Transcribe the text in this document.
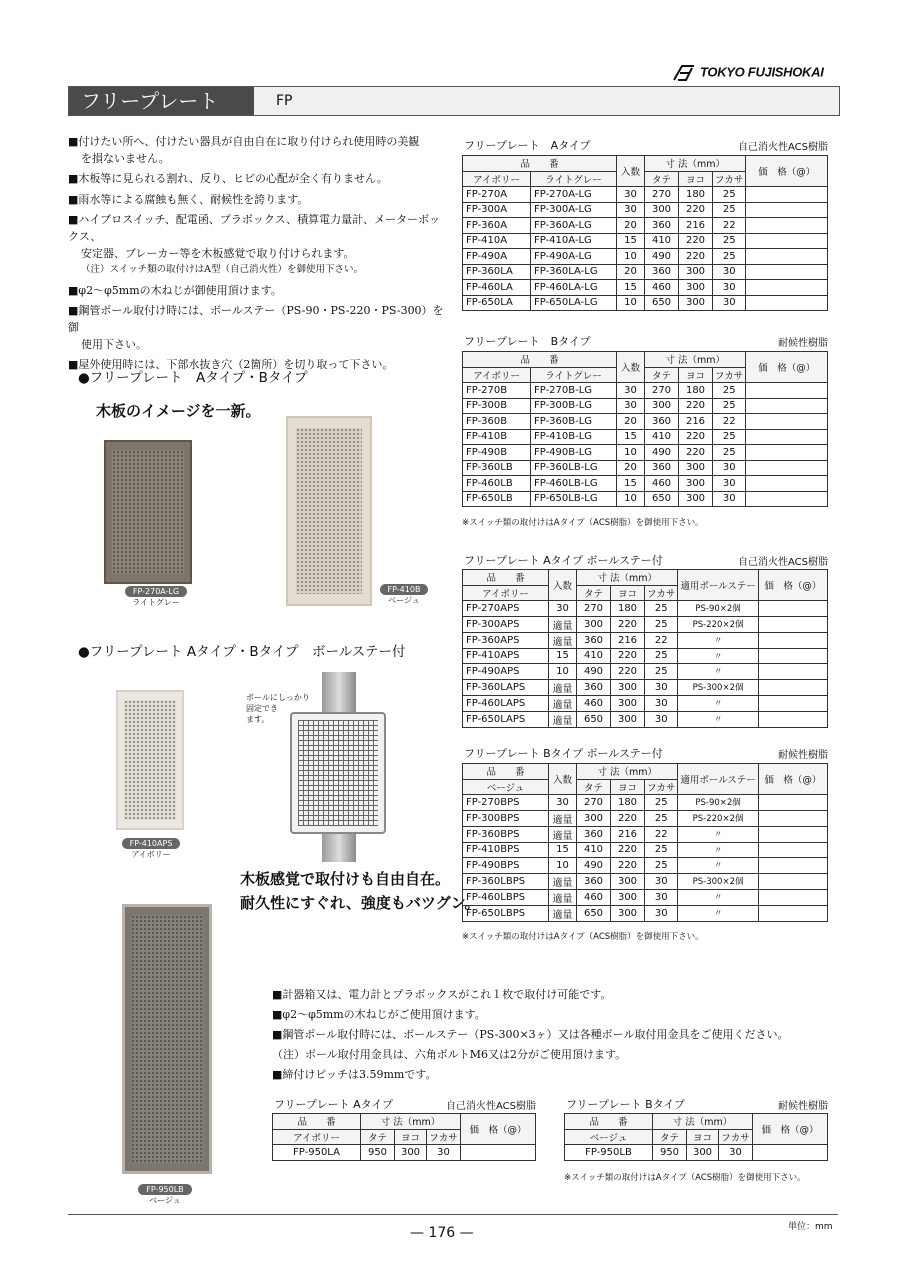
TOKYO FUJISHOKAI
フリープレート	FP

■付けたい所へ、付けたい器具が自由自在に取り付けられ使用時の美観

を損ないません。

■木板等に見られる割れ、反り、ヒビの心配が全く有りません。

■雨水等による腐蝕も無く、耐候性を誇ります。

■ハイブロスイッチ、配電函、プラボックス、積算電力量計、メーターボックス、

安定器、ブレーカー等を木板感覚で取り付けられます。

（注）スイッチ類の取付けはA型（自己消火性）を御使用下さい。

■φ2～φ5mmの木ねじが御使用頂けます。

■鋼管ポール取付け時には、ボールステー（PS-90・PS-220・PS-300）を御

使用下さい。

■屋外使用時には、下部水抜き穴（2箇所）を切り取って下さい。

●フリープレート　Aタイプ・Bタイプ
木板のイメージを一新。
FP-270A-LG
ライトグレー
FP-410B
ベージュ
●フリープレート Aタイプ・Bタイプ　ボールステー付
FP-410APS
アイボリー
ボールにしっかり
固定でき
ます。
木板感覚で取付けも自由自在。
耐久性にすぐれ、強度もバツグン。
FP-950LB
ベージュ
フリープレート　Aタイプ	自己消火性ACS樹脂
品　　番		入数	寸 法（mm）			価　格（@）
アイボリー	ライトグレー		タテ	ヨコ	フカサ	
FP-270A	FP-270A-LG	30	270	180	25	
FP-300A	FP-300A-LG	30	300	220	25	
FP-360A	FP-360A-LG	20	360	216	22	
FP-410A	FP-410A-LG	15	410	220	25	
FP-490A	FP-490A-LG	10	490	220	25	
FP-360LA	FP-360LA-LG	20	360	300	30	
FP-460LA	FP-460LA-LG	15	460	300	30	
FP-650LA	FP-650LA-LG	10	650	300	30	
フリープレート　Bタイプ	耐候性樹脂
品　　番		入数	寸 法（mm）			価　格（@）
アイボリー	ライトグレー		タテ	ヨコ	フカサ	
FP-270B	FP-270B-LG	30	270	180	25	
FP-300B	FP-300B-LG	30	300	220	25	
FP-360B	FP-360B-LG	20	360	216	22	
FP-410B	FP-410B-LG	15	410	220	25	
FP-490B	FP-490B-LG	10	490	220	25	
FP-360LB	FP-360LB-LG	20	360	300	30	
FP-460LB	FP-460LB-LG	15	460	300	30	
FP-650LB	FP-650LB-LG	10	650	300	30	
※スイッチ類の取付けはAタイプ（ACS樹脂）を御使用下さい。
フリープレート Aタイプ ボールステー付	自己消火性ACS樹脂
品　　番	入数	寸 法（mm）			適用ボールステー	価　格（@）
アイボリー		タテ	ヨコ	フカサ		
FP-270APS	30	270	180	25	PS-90×2個	
FP-300APS	適量	300	220	25	PS-220×2個	
FP-360APS	適量	360	216	22	〃	
FP-410APS	15	410	220	25	〃	
FP-490APS	10	490	220	25	〃	
FP-360LAPS	適量	360	300	30	PS-300×2個	
FP-460LAPS	適量	460	300	30	〃	
FP-650LAPS	適量	650	300	30	〃	
フリープレート Bタイプ ボールステー付	耐候性樹脂
品　　番	入数	寸 法（mm）			適用ボールステー	価　格（@）
ベージュ		タテ	ヨコ	フカサ		
FP-270BPS	30	270	180	25	PS-90×2個	
FP-300BPS	適量	300	220	25	PS-220×2個	
FP-360BPS	適量	360	216	22	〃	
FP-410BPS	15	410	220	25	〃	
FP-490BPS	10	490	220	25	〃	
FP-360LBPS	適量	360	300	30	PS-300×2個	
FP-460LBPS	適量	460	300	30	〃	
FP-650LBPS	適量	650	300	30	〃	
※スイッチ類の取付けはAタイプ（ACS樹脂）を御使用下さい。

■計器箱又は、電力計とプラボックスがこれ１枚で取付け可能です。

■φ2～φ5mmの木ねじがご使用頂けます。

■鋼管ポール取付時には、ボールステー（PS-300×3ヶ）又は各種ボール取付用金具をご使用ください。

（注）ボール取付用金具は、六角ボルトM6又は2分がご使用頂けます。

■締付けピッチは3.59mmです。

フリープレート Aタイプ	自己消火性ACS樹脂
品　　番	寸 法（mm）			価　格（@）
アイボリー	タテ	ヨコ	フカサ	
FP-950LA	950	300	30	
フリープレート Bタイプ	耐候性樹脂
品　　番	寸 法（mm）			価　格（@）
ベージュ	タテ	ヨコ	フカサ	
FP-950LB	950	300	30	
※スイッチ類の取付けはAタイプ（ACS樹脂）を御使用下さい。
— 176 —	単位：mm
